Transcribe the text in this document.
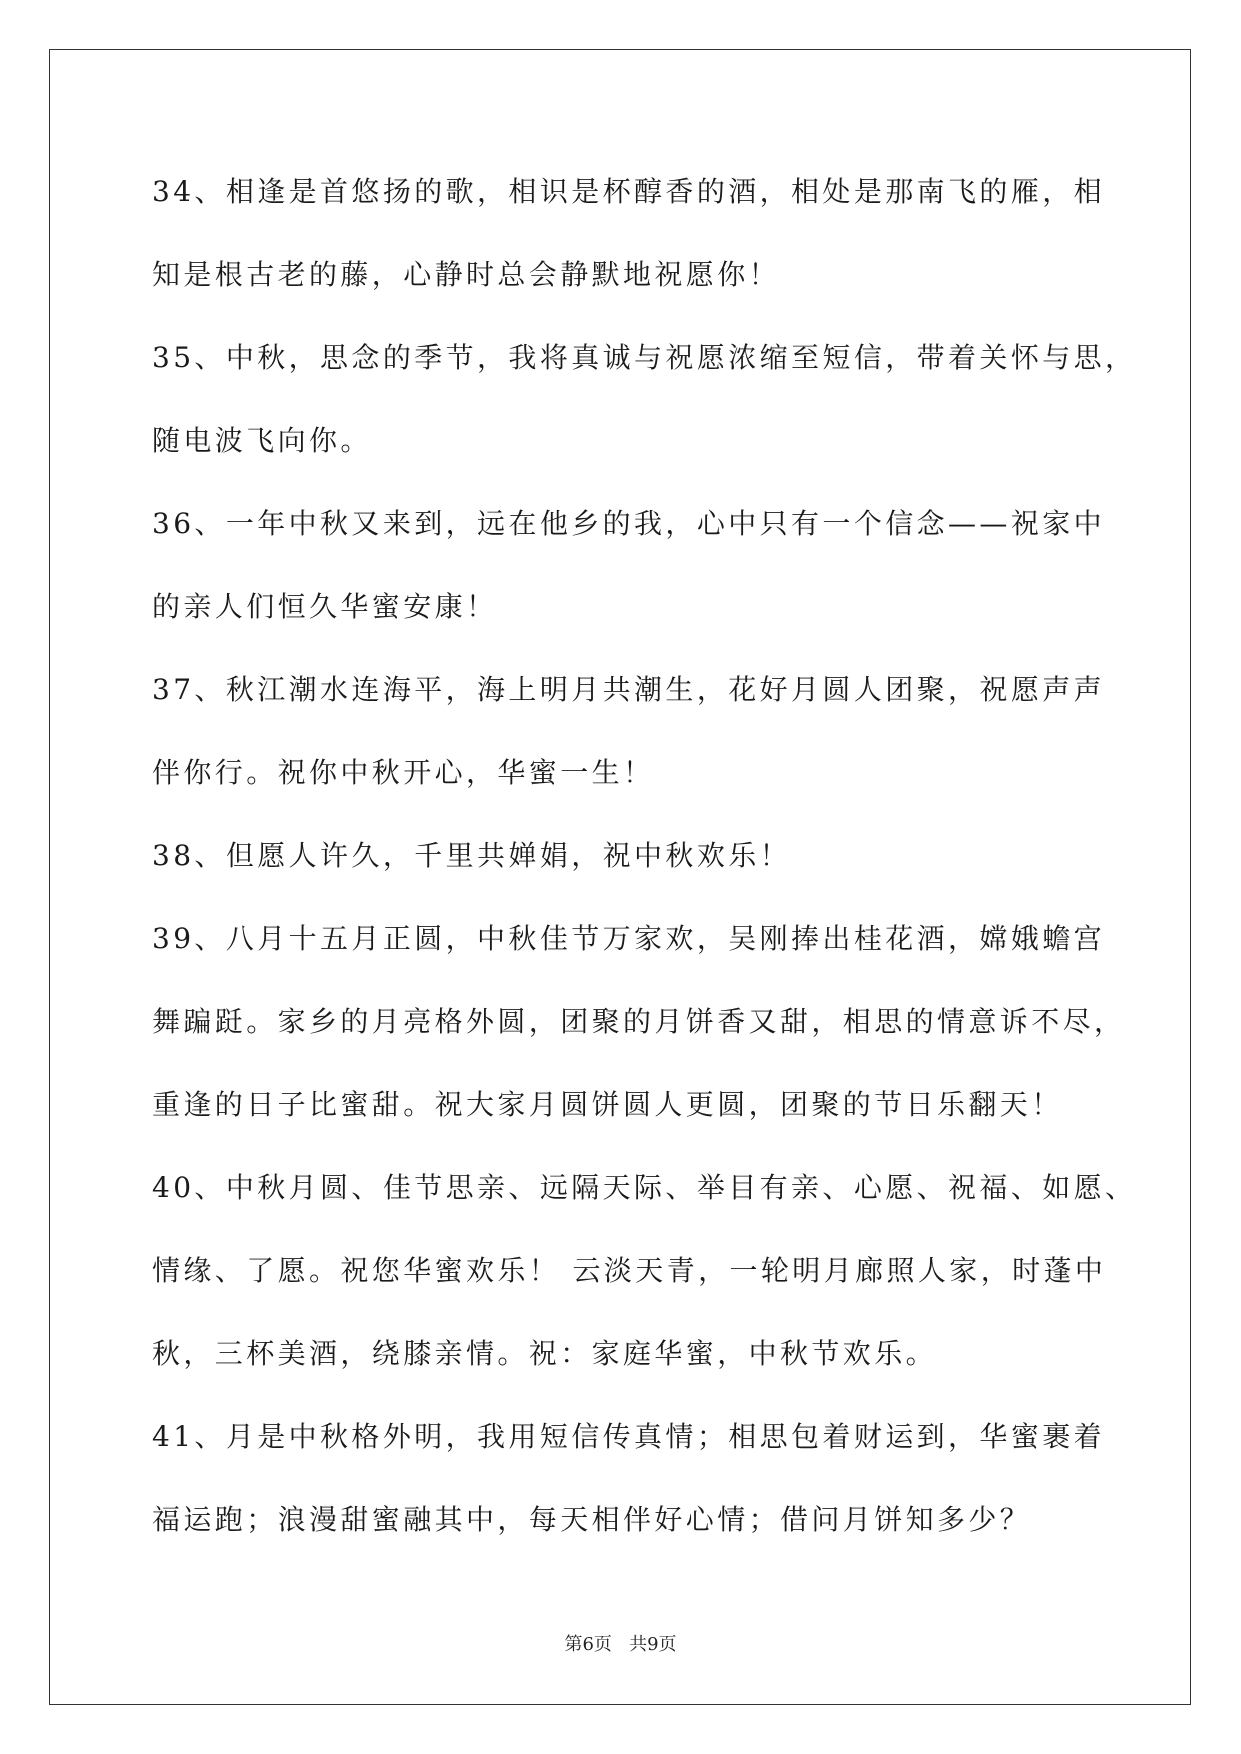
34、相逢是首悠扬的歌，相识是杯醇香的酒，相处是那南飞的雁，相
知是根古老的藤，心静时总会静默地祝愿你！
35、中秋，思念的季节，我将真诚与祝愿浓缩至短信，带着关怀与思，
随电波飞向你。
36、一年中秋又来到，远在他乡的我，心中只有一个信念——祝家中
的亲人们恒久华蜜安康！
37、秋江潮水连海平，海上明月共潮生，花好月圆人团聚，祝愿声声
伴你行。祝你中秋开心，华蜜一生！
38、但愿人许久，千里共婵娟，祝中秋欢乐！
39、八月十五月正圆，中秋佳节万家欢，吴刚捧出桂花酒，嫦娥蟾宫
舞蹁跹。家乡的月亮格外圆，团聚的月饼香又甜，相思的情意诉不尽，
重逢的日子比蜜甜。祝大家月圆饼圆人更圆，团聚的节日乐翻天！
40、中秋月圆、佳节思亲、远隔天际、举目有亲、心愿、祝福、如愿、
情缘、了愿。祝您华蜜欢乐！ 云淡天青，一轮明月廊照人家，时蓬中
秋，三杯美酒，绕膝亲情。祝：家庭华蜜，中秋节欢乐。
41、月是中秋格外明，我用短信传真情；相思包着财运到，华蜜裹着
福运跑；浪漫甜蜜融其中，每天相伴好心情；借问月饼知多少？
第6页 共9页
